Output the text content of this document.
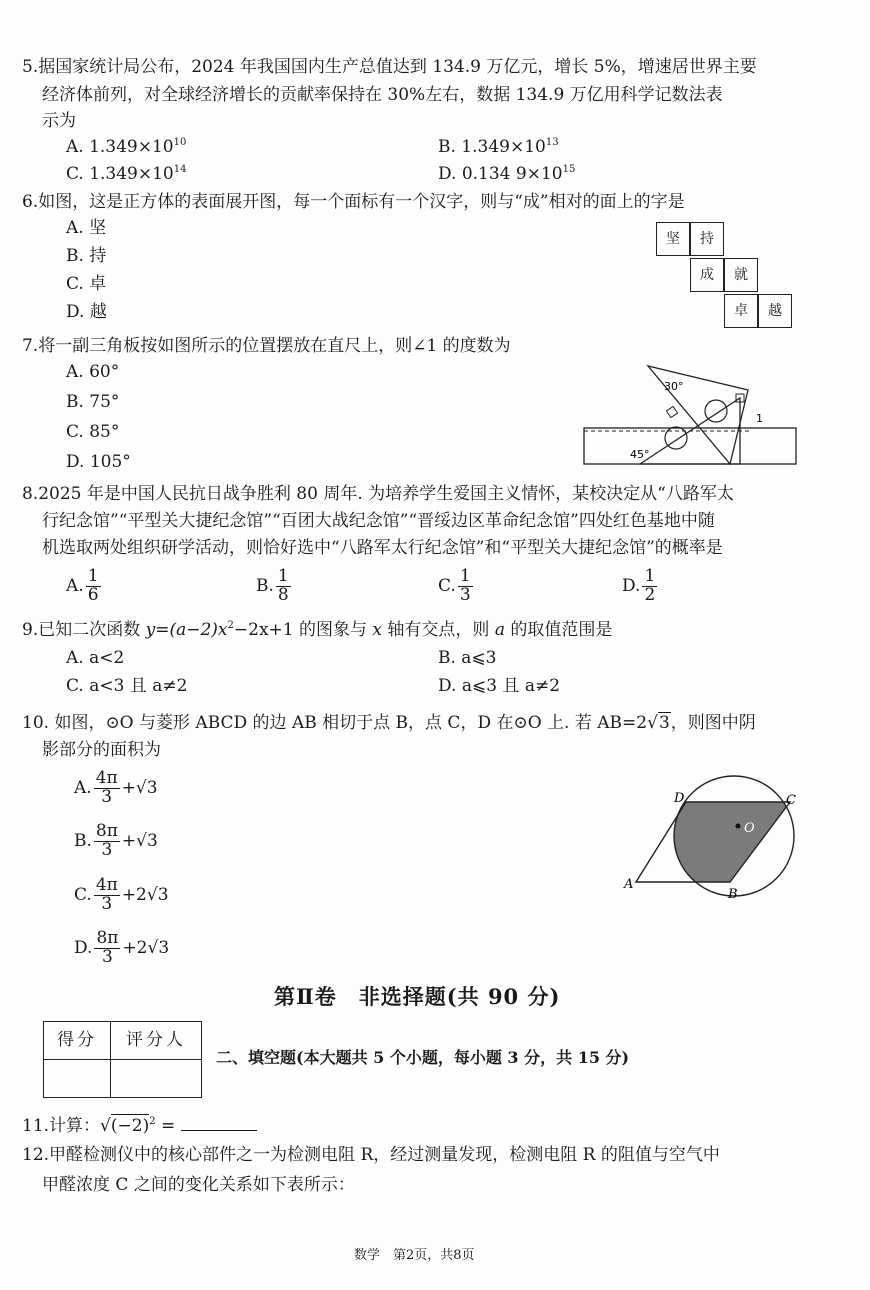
5.据国家统计局公布，2024 年我国国内生产总值达到 134.9 万亿元，增长 5%，增速居世界主要
经济体前列，对全球经济增长的贡献率保持在 30%左右，数据 134.9 万亿用科学记数法表
示为
A. $1.349\times 10^{10}$	B. $1.349\times 10^{13}$
C. $1.349\times 10^{14}$	D. 0.134 $9\times 10^{15}$
6.如图，这是正方体的表面展开图，每一个面标有一个汉字，则与“成”相对的面上的字是
A. 坚
B. 持
C. 卓
D. 越
坚	持
成	就
卓	越
7.将一副三角板按如图所示的位置摆放在直尺上，则∠1 的度数为
A. 60°
B. 75°
C. 85°
D. 105°
30°
45°
1
8.2025 年是中国人民抗日战争胜利 80 周年. 为培养学生爱国主义情怀，某校决定从“八路军太
行纪念馆”“平型关大捷纪念馆”“百团大战纪念馆”“晋绥边区革命纪念馆”四处红色基地中随
机选取两处组织研学活动，则恰好选中“八路军太行纪念馆”和“平型关大捷纪念馆”的概率是
A. $\frac{1}{6}$	B. $\frac{1}{8}$	C. $\frac{1}{3}$	D. $\frac{1}{2}$
9.已知二次函数 $y=(a-2)x^2-2x+1$ 的图象与 x 轴有交点，则 a 的取值范围是
A. a<2	B. a⩽3
C. a<3 且 a≠2	D. a⩽3 且 a≠2
10. 如图，⊙O 与菱形 ABCD 的边 AB 相切于点 B，点 C，D 在⊙O 上. 若 AB=2√3，则图中阴
影部分的面积为
A. $\frac{4\pi}{3} +√3$
B. $\frac{8\pi}{3} +√3$
C. $\frac{4\pi}{3} +2√3$
D. $\frac{8\pi}{3} +2√3$
A
B
C
D
O
第Ⅱ卷　非选择题(共 90 分)
得分	评分人

二、填空题(本大题共 5 个小题，每小题 3 分，共 15 分)
11.计算：$√(-2)^2$ =
12.甲醛检测仪中的核心部件之一为检测电阻 R，经过测量发现，检测电阻 R 的阻值与空气中
甲醛浓度 C 之间的变化关系如下表所示：
数学　第2页，共8页
